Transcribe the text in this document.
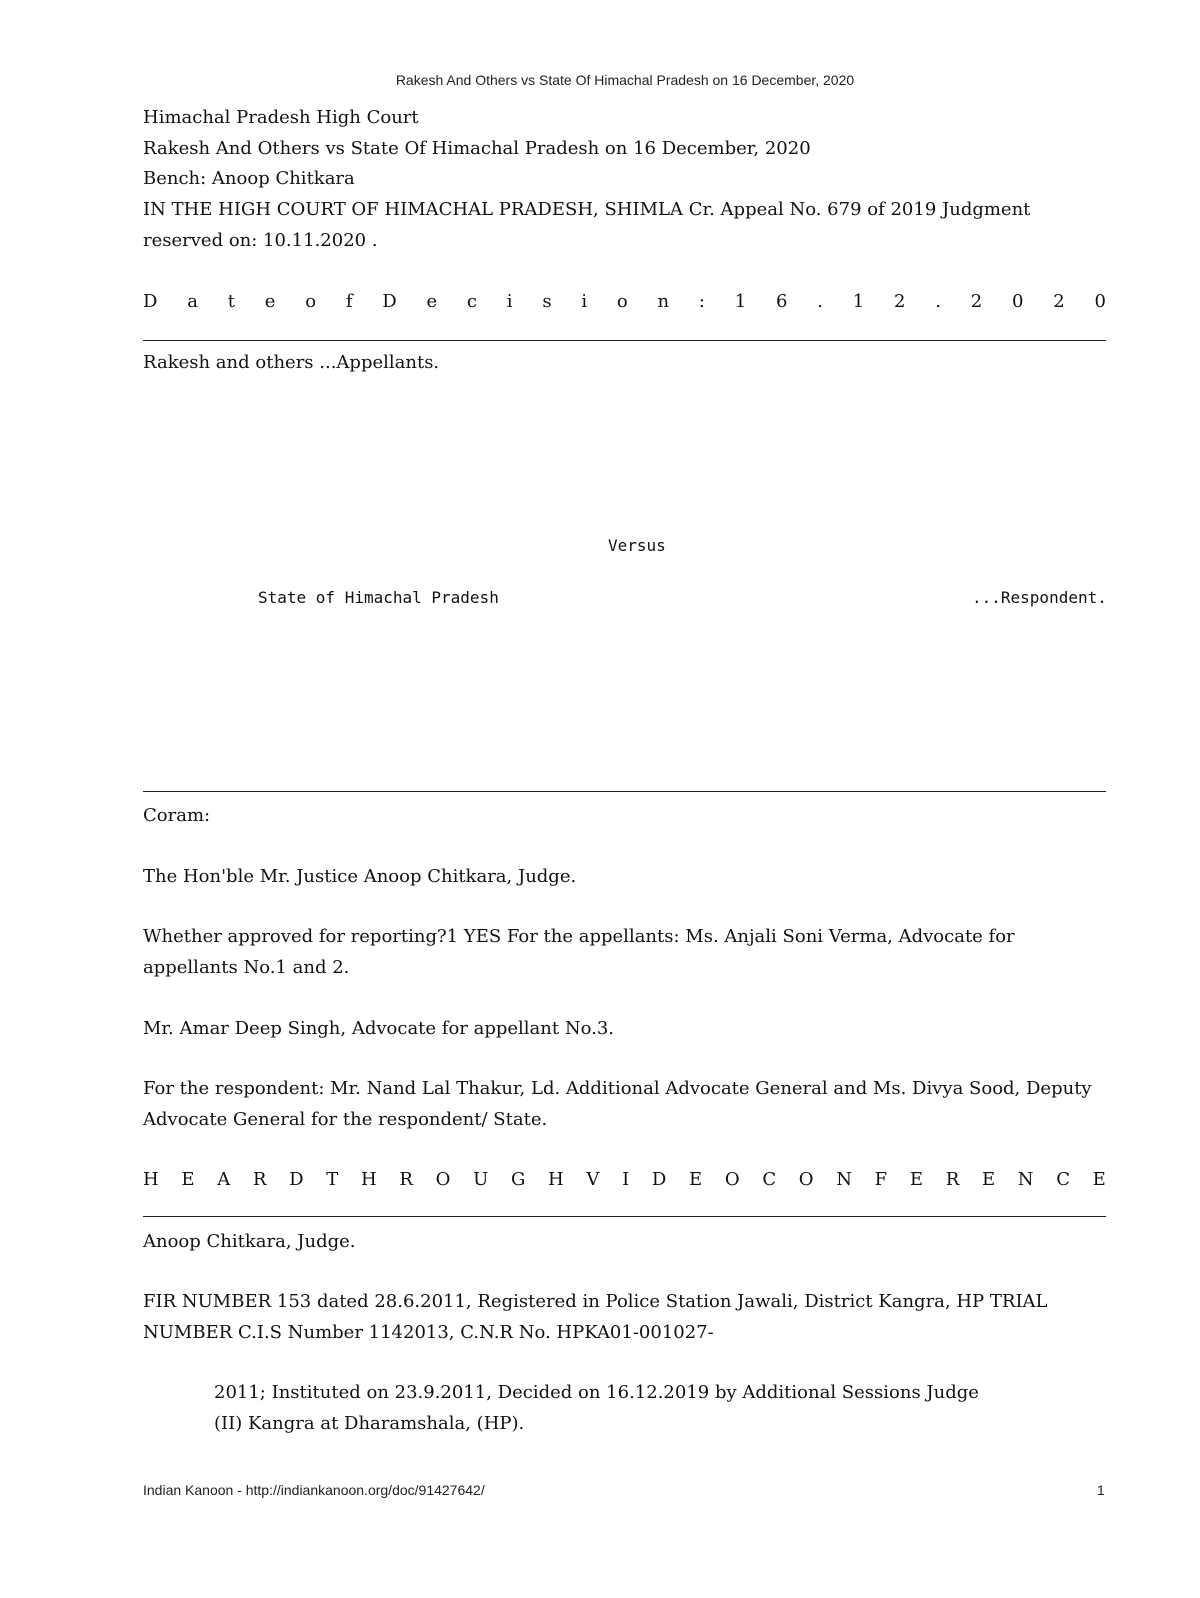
Rakesh And Others vs State Of Himachal Pradesh on 16 December, 2020
Himachal Pradesh High Court
Rakesh And Others vs State Of Himachal Pradesh on 16 December, 2020
Bench: Anoop Chitkara
IN THE HIGH COURT OF HIMACHAL PRADESH, SHIMLA Cr. Appeal No. 679 of 2019 Judgment reserved on: 10.11.2020 .
D a t e o f D e c i s i o n : 1 6 . 1 2 . 2 0 2 0
Rakesh and others ...Appellants.
Versus
State of Himachal Pradesh	...Respondent.
Coram:
The Hon'ble Mr. Justice Anoop Chitkara, Judge.
Whether approved for reporting?1 YES For the appellants: Ms. Anjali Soni Verma, Advocate for appellants No.1 and 2.
Mr. Amar Deep Singh, Advocate for appellant No.3.
For the respondent: Mr. Nand Lal Thakur, Ld. Additional Advocate General and Ms. Divya Sood, Deputy Advocate General for the respondent/ State.
H E A R D T H R O U G H V I D E O C O N F E R E N C E
Anoop Chitkara, Judge.
FIR NUMBER 153 dated 28.6.2011, Registered in Police Station Jawali, District Kangra, HP TRIAL NUMBER C.I.S Number 1142013, C.N.R No. HPKA01-001027-
2011; Instituted on 23.9.2011, Decided on 16.12.2019 by Additional Sessions Judge
(II) Kangra at Dharamshala, (HP).
Indian Kanoon - http://indiankanoon.org/doc/91427642/	1
